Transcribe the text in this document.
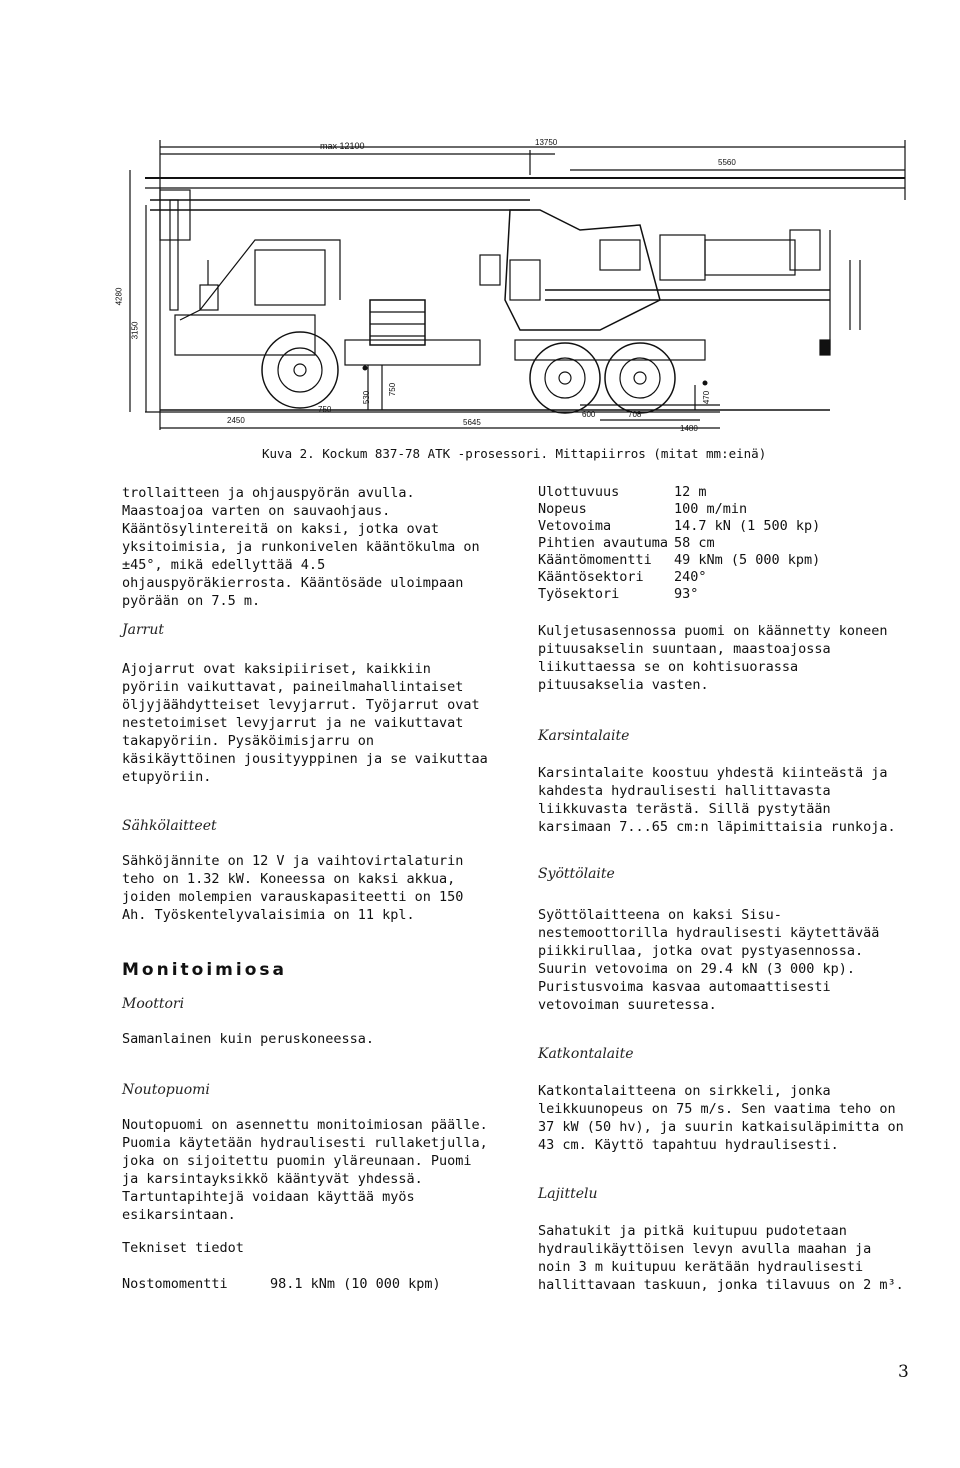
13750
max 12100
5560
4280
3150
2450
750
5645
530
750
600	708
1480
470
Kuva 2. Kockum 837-78 ATK -prosessori. Mittapiirros (mitat mm:einä)
trollaitteen ja ohjauspyörän avulla. Maastoajoa varten on sauvaohjaus. Kääntösylintereitä on kaksi, jotka ovat yksitoimisia, ja runkonivelen kääntökulma on ±45°, mikä edellyttää 4.5 ohjauspyöräkierrosta. Kääntösäde uloimpaan pyörään on 7.5 m.
Jarrut
Ajojarrut ovat kaksipiiriset, kaikkiin pyöriin vaikuttavat, paineilmahallintaiset öljyjäähdytteiset levyjarrut. Työjarrut ovat nestetoimiset levyjarrut ja ne vaikuttavat takapyöriin. Pysäköimisjarru on käsikäyttöinen jousityyppinen ja se vaikuttaa etupyöriin.
Sähkölaitteet
Sähköjännite on 12 V ja vaihtovirtalaturin teho on 1.32 kW. Koneessa on kaksi akkua, joiden molempien varauskapasiteetti on 150 Ah. Työskentelyvalaisimia on 11 kpl.
Monitoimiosa
Moottori
Samanlainen kuin peruskoneessa.
Noutopuomi
Noutopuomi on asennettu monitoimiosan päälle. Puomia käytetään hydraulisesti rullaketjulla, joka on sijoitettu puomin yläreunaan. Puomi ja karsintayksikkö kääntyvät yhdessä. Tartuntapihtejä voidaan käyttää myös esikarsintaan.
Tekniset tiedot
Nostomomentti	98.1 kNm (10 000 kpm)
Ulottuvuus	12 m
Nopeus	100 m/min
Vetovoima	14.7 kN (1 500 kp)
Pihtien avautuma 58 cm
Kääntömomentti	49 kNm (5 000 kpm)
Kääntösektori	240°
Työsektori	93°
Kuljetusasennossa puomi on käännetty koneen pituusakselin suuntaan, maastoajossa liikuttaessa se on kohtisuorassa pituusakselia vasten.
Karsintalaite
Karsintalaite koostuu yhdestä kiinteästä ja kahdesta hydraulisesti hallittavasta liikkuvasta terästä. Sillä pystytään karsimaan 7...65 cm:n läpimittaisia runkoja.
Syöttölaite
Syöttölaitteena on kaksi Sisu-nestemoottorilla hydraulisesti käytettävää piikkirullaa, jotka ovat pystyasennossa. Suurin vetovoima on 29.4 kN (3 000 kp). Puristusvoima kasvaa automaattisesti vetovoiman suuretessa.
Katkontalaite
Katkontalaitteena on sirkkeli, jonka leikkuunopeus on 75 m/s. Sen vaatima teho on 37 kW (50 hv), ja suurin katkaisuläpimitta on 43 cm. Käyttö tapahtuu hydraulisesti.
Lajittelu
Sahatukit ja pitkä kuitupuu pudotetaan hydraulikäyttöisen levyn avulla maahan ja noin 3 m kuitupuu kerätään hydraulisesti hallittavaan taskuun, jonka tilavuus on 2 m³.
3
